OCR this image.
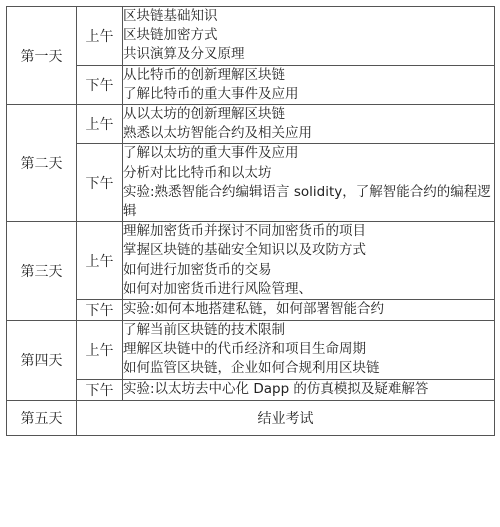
第一天	上午	区块链基础知识
区块链加密方式
共识演算及分叉原理

	下午	从比特币的创新理解区块链
了解比特币的重大事件及应用

第二天	上午	从以太坊的创新理解区块链
熟悉以太坊智能合约及相关应用

	下午	了解以太坊的重大事件及应用
分析对比比特币和以太坊
实验:熟悉智能合约编辑语言 solidity，了解智能合约的编程逻辑

第三天	上午	理解加密货币并探讨不同加密货币的项目
掌握区块链的基础安全知识以及攻防方式
如何进行加密货币的交易
如何对加密货币进行风险管理、

	下午	实验:如何本地搭建私链，如何部署智能合约

第四天	上午	了解当前区块链的技术限制
理解区块链中的代币经济和项目生命周期
如何监管区块链，企业如何合规利用区块链

	下午	实验:以太坊去中心化 Dapp 的仿真模拟及疑难解答

第五天	结业考试	
